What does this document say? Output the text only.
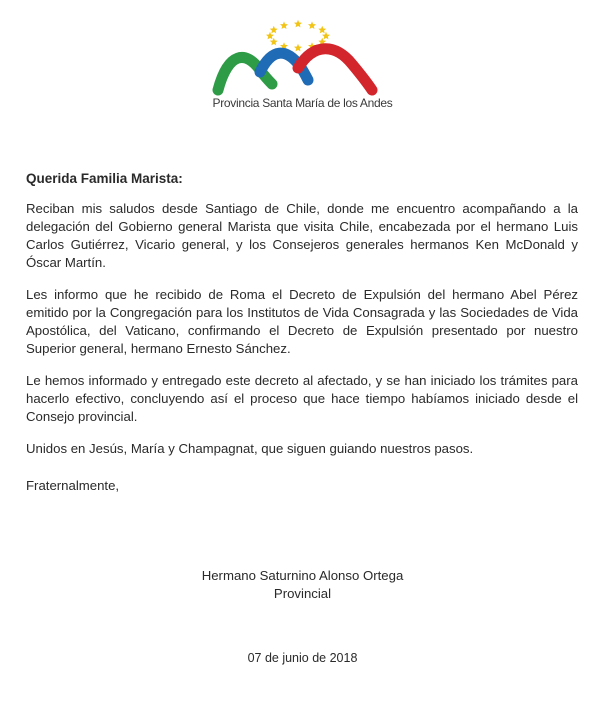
Provincia Santa María de los Andes

Querida Familia Marista:

Reciban mis saludos desde Santiago de Chile, donde me encuentro acompañando a la delegación del Gobierno general Marista que visita Chile, encabezada por el hermano Luis Carlos Gutiérrez, Vicario general, y los Consejeros generales hermanos Ken McDonald y Óscar Martín.

Les informo que he recibido de Roma el Decreto de Expulsión del hermano Abel Pérez emitido por la Congregación para los Institutos de Vida Consagrada y las Sociedades de Vida Apostólica, del Vaticano, confirmando el Decreto de Expulsión presentado por nuestro Superior general, hermano Ernesto Sánchez.

Le hemos informado y entregado este decreto al afectado, y se han iniciado los trámites para hacerlo efectivo, concluyendo así el proceso que hace tiempo habíamos iniciado desde el Consejo provincial.

Unidos en Jesús, María y Champagnat, que siguen guiando nuestros pasos.

Fraternalmente,

Hermano Saturnino Alonso Ortega
Provincial
07 de junio de 2018
